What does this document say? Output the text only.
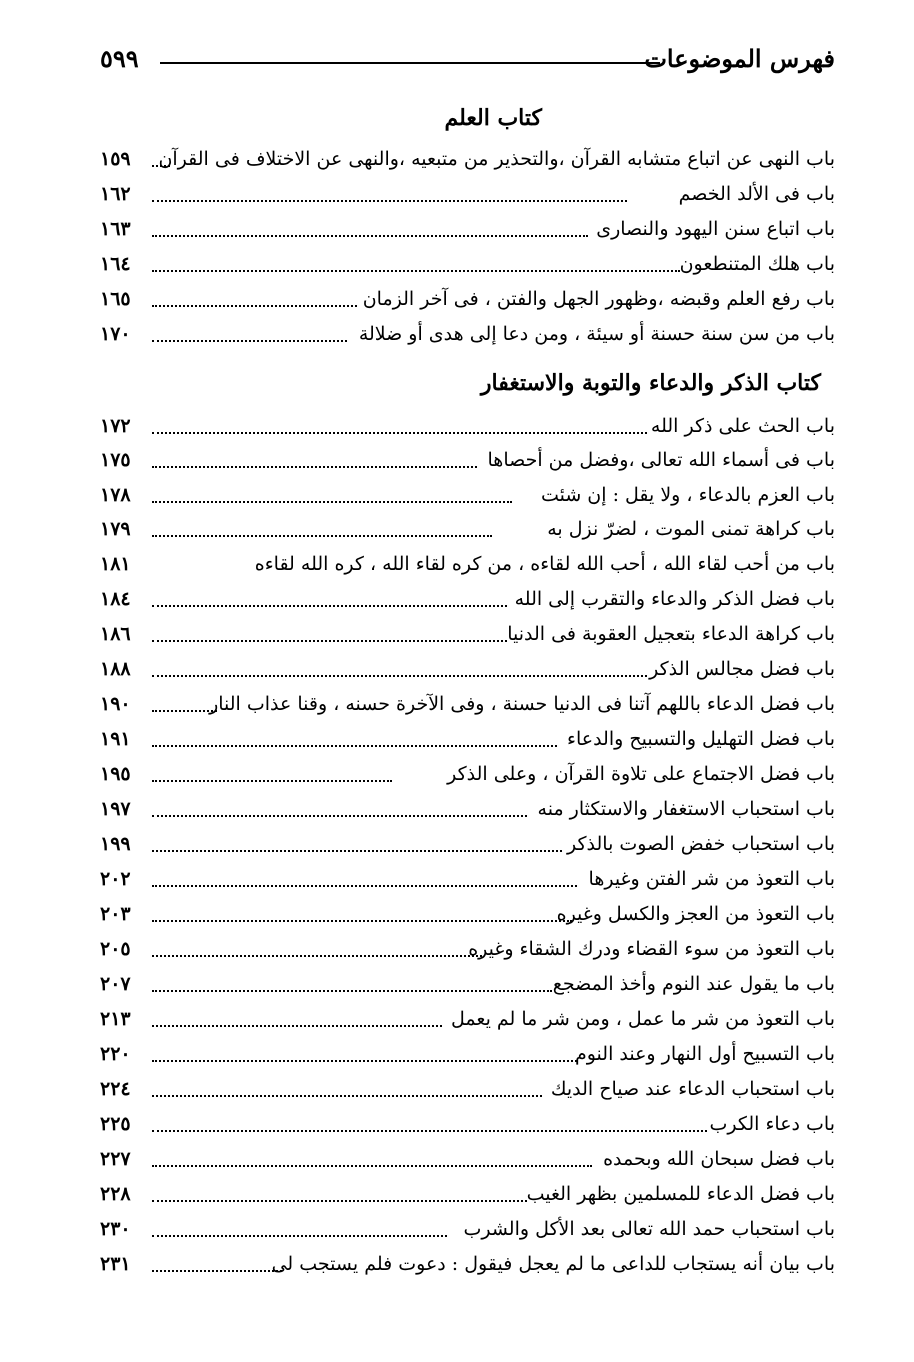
فهرس الموضوعات
٥٩٩
كتاب العلم
باب النهى عن اتباع متشابه القرآن ،والتحذير من متبعيه ،والنهى عن الاختلاف فى القرآن
١٥٩
باب فى الألد الخصم
١٦٢
باب اتباع سنن اليهود والنصارى
١٦٣
باب هلك المتنطعون
١٦٤
باب رفع العلم وقبضه ،وظهور الجهل والفتن ، فى آخر الزمان
١٦٥
باب من سن سنة حسنة أو سيئة ، ومن دعا إلى هدى أو ضلالة
١٧٠
كتاب الذكر والدعاء والتوبة والاستغفار
باب الحث على ذكر الله
١٧٢
باب فى أسماء الله تعالى ،وفضل من أحصاها
١٧٥
باب العزم بالدعاء ، ولا يقل : إن شئت
١٧٨
باب كراهة تمنى الموت ، لضرّ نزل به
١٧٩
باب من أحب لقاء الله ، أحب الله لقاءه ، من كره لقاء الله ، كره الله لقاءه
١٨١
باب فضل الذكر والدعاء والتقرب إلى الله
١٨٤
باب كراهة الدعاء بتعجيل العقوبة فى الدنيا
١٨٦
باب فضل مجالس الذكر
١٨٨
باب فضل الدعاء باللهم آتنا فى الدنيا حسنة ، وفى الآخرة حسنه ، وقنا عذاب النار
١٩٠
باب فضل التهليل والتسبيح والدعاء
١٩١
باب فضل الاجتماع على تلاوة القرآن ، وعلى الذكر
١٩٥
باب استحباب الاستغفار والاستكثار منه
١٩٧
باب استحباب خفض الصوت بالذكر
١٩٩
باب التعوذ من شر الفتن وغيرها
٢٠٢
باب التعوذ من العجز والكسل وغيره
٢٠٣
باب التعوذ من سوء القضاء ودرك الشقاء وغيره
٢٠٥
باب ما يقول عند النوم وأخذ المضجع
٢٠٧
باب التعوذ من شر ما عمل ، ومن شر ما لم يعمل
٢١٣
باب التسبيح أول النهار وعند النوم
٢٢٠
باب استحباب الدعاء عند صياح الديك
٢٢٤
باب دعاء الكرب
٢٢٥
باب فضل سبحان الله وبحمده
٢٢٧
باب فضل الدعاء للمسلمين بظهر الغيب
٢٢٨
باب استحباب حمد الله تعالى بعد الأكل والشرب
٢٣٠
باب بيان أنه يستجاب للداعى ما لم يعجل فيقول : دعوت فلم يستجب لى
٢٣١
